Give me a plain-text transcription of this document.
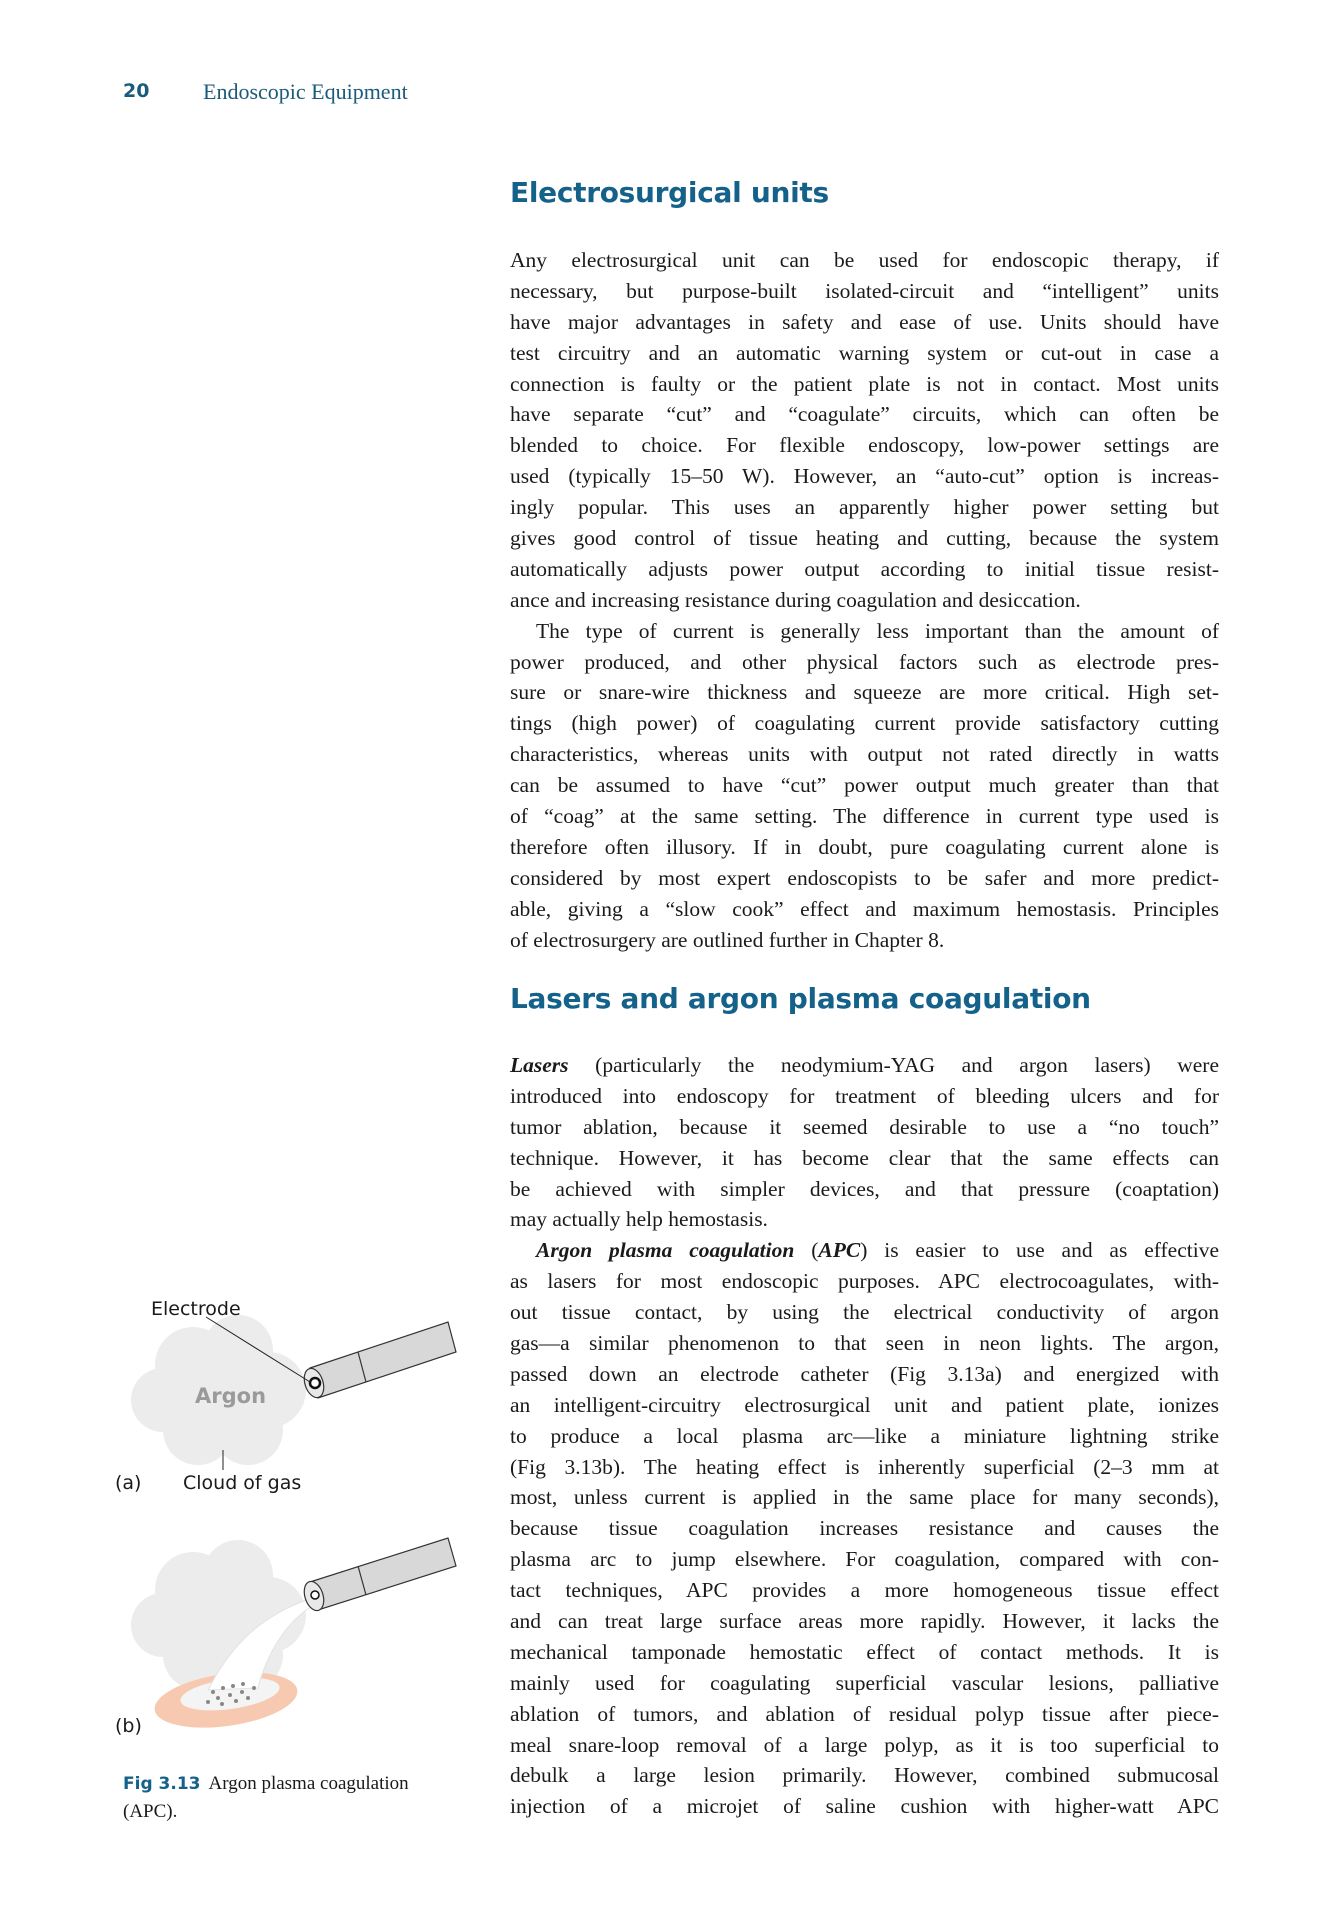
20 Endoscopic Equipment
Electrosurgical units
Any electrosurgical unit can be used for endoscopic therapy, if
necessary, but purpose-built isolated-circuit and “intelligent” units
have major advantages in safety and ease of use. Units should have
test circuitry and an automatic warning system or cut-out in case a
connection is faulty or the patient plate is not in contact. Most units
have separate “cut” and “coagulate” circuits, which can often be
blended to choice. For flexible endoscopy, low-power settings are
used (typically 15–50 W). However, an “auto-cut” option is increas-
ingly popular. This uses an apparently higher power setting but
gives good control of tissue heating and cutting, because the system
automatically adjusts power output according to initial tissue resist-
ance and increasing resistance during coagulation and desiccation.
The type of current is generally less important than the amount of
power produced, and other physical factors such as electrode pres-
sure or snare-wire thickness and squeeze are more critical. High set-
tings (high power) of coagulating current provide satisfactory cutting
characteristics, whereas units with output not rated directly in watts
can be assumed to have “cut” power output much greater than that
of “coag” at the same setting. The difference in current type used is
therefore often illusory. If in doubt, pure coagulating current alone is
considered by most expert endoscopists to be safer and more predict-
able, giving a “slow cook” effect and maximum hemostasis. Principles
of electrosurgery are outlined further in Chapter 8.
Lasers and argon plasma coagulation
Lasers (particularly the neodymium-YAG and argon lasers) were
introduced into endoscopy for treatment of bleeding ulcers and for
tumor ablation, because it seemed desirable to use a “no touch”
technique. However, it has become clear that the same effects can
be achieved with simpler devices, and that pressure (coaptation)
may actually help hemostasis.
Argon plasma coagulation (APC) is easier to use and as effective
as lasers for most endoscopic purposes. APC electrocoagulates, with-
out tissue contact, by using the electrical conductivity of argon
gas—a similar phenomenon to that seen in neon lights. The argon,
passed down an electrode catheter (Fig 3.13a) and energized with
an intelligent-circuitry electrosurgical unit and patient plate, ionizes
to produce a local plasma arc—like a miniature lightning strike
(Fig 3.13b). The heating effect is inherently superficial (2–3 mm at
most, unless current is applied in the same place for many seconds),
because tissue coagulation increases resistance and causes the
plasma arc to jump elsewhere. For coagulation, compared with con-
tact techniques, APC provides a more homogeneous tissue effect
and can treat large surface areas more rapidly. However, it lacks the
mechanical tamponade hemostatic effect of contact methods. It is
mainly used for coagulating superficial vascular lesions, palliative
ablation of tumors, and ablation of residual polyp tissue after piece-
meal snare-loop removal of a large polyp, as it is too superficial to
debulk a large lesion primarily. However, combined submucosal
injection of a microjet of saline cushion with higher-watt APC
Electrode
Argon
(a) Cloud of gas
(b)
Fig 3.13 Argon plasma coagulation (APC).
